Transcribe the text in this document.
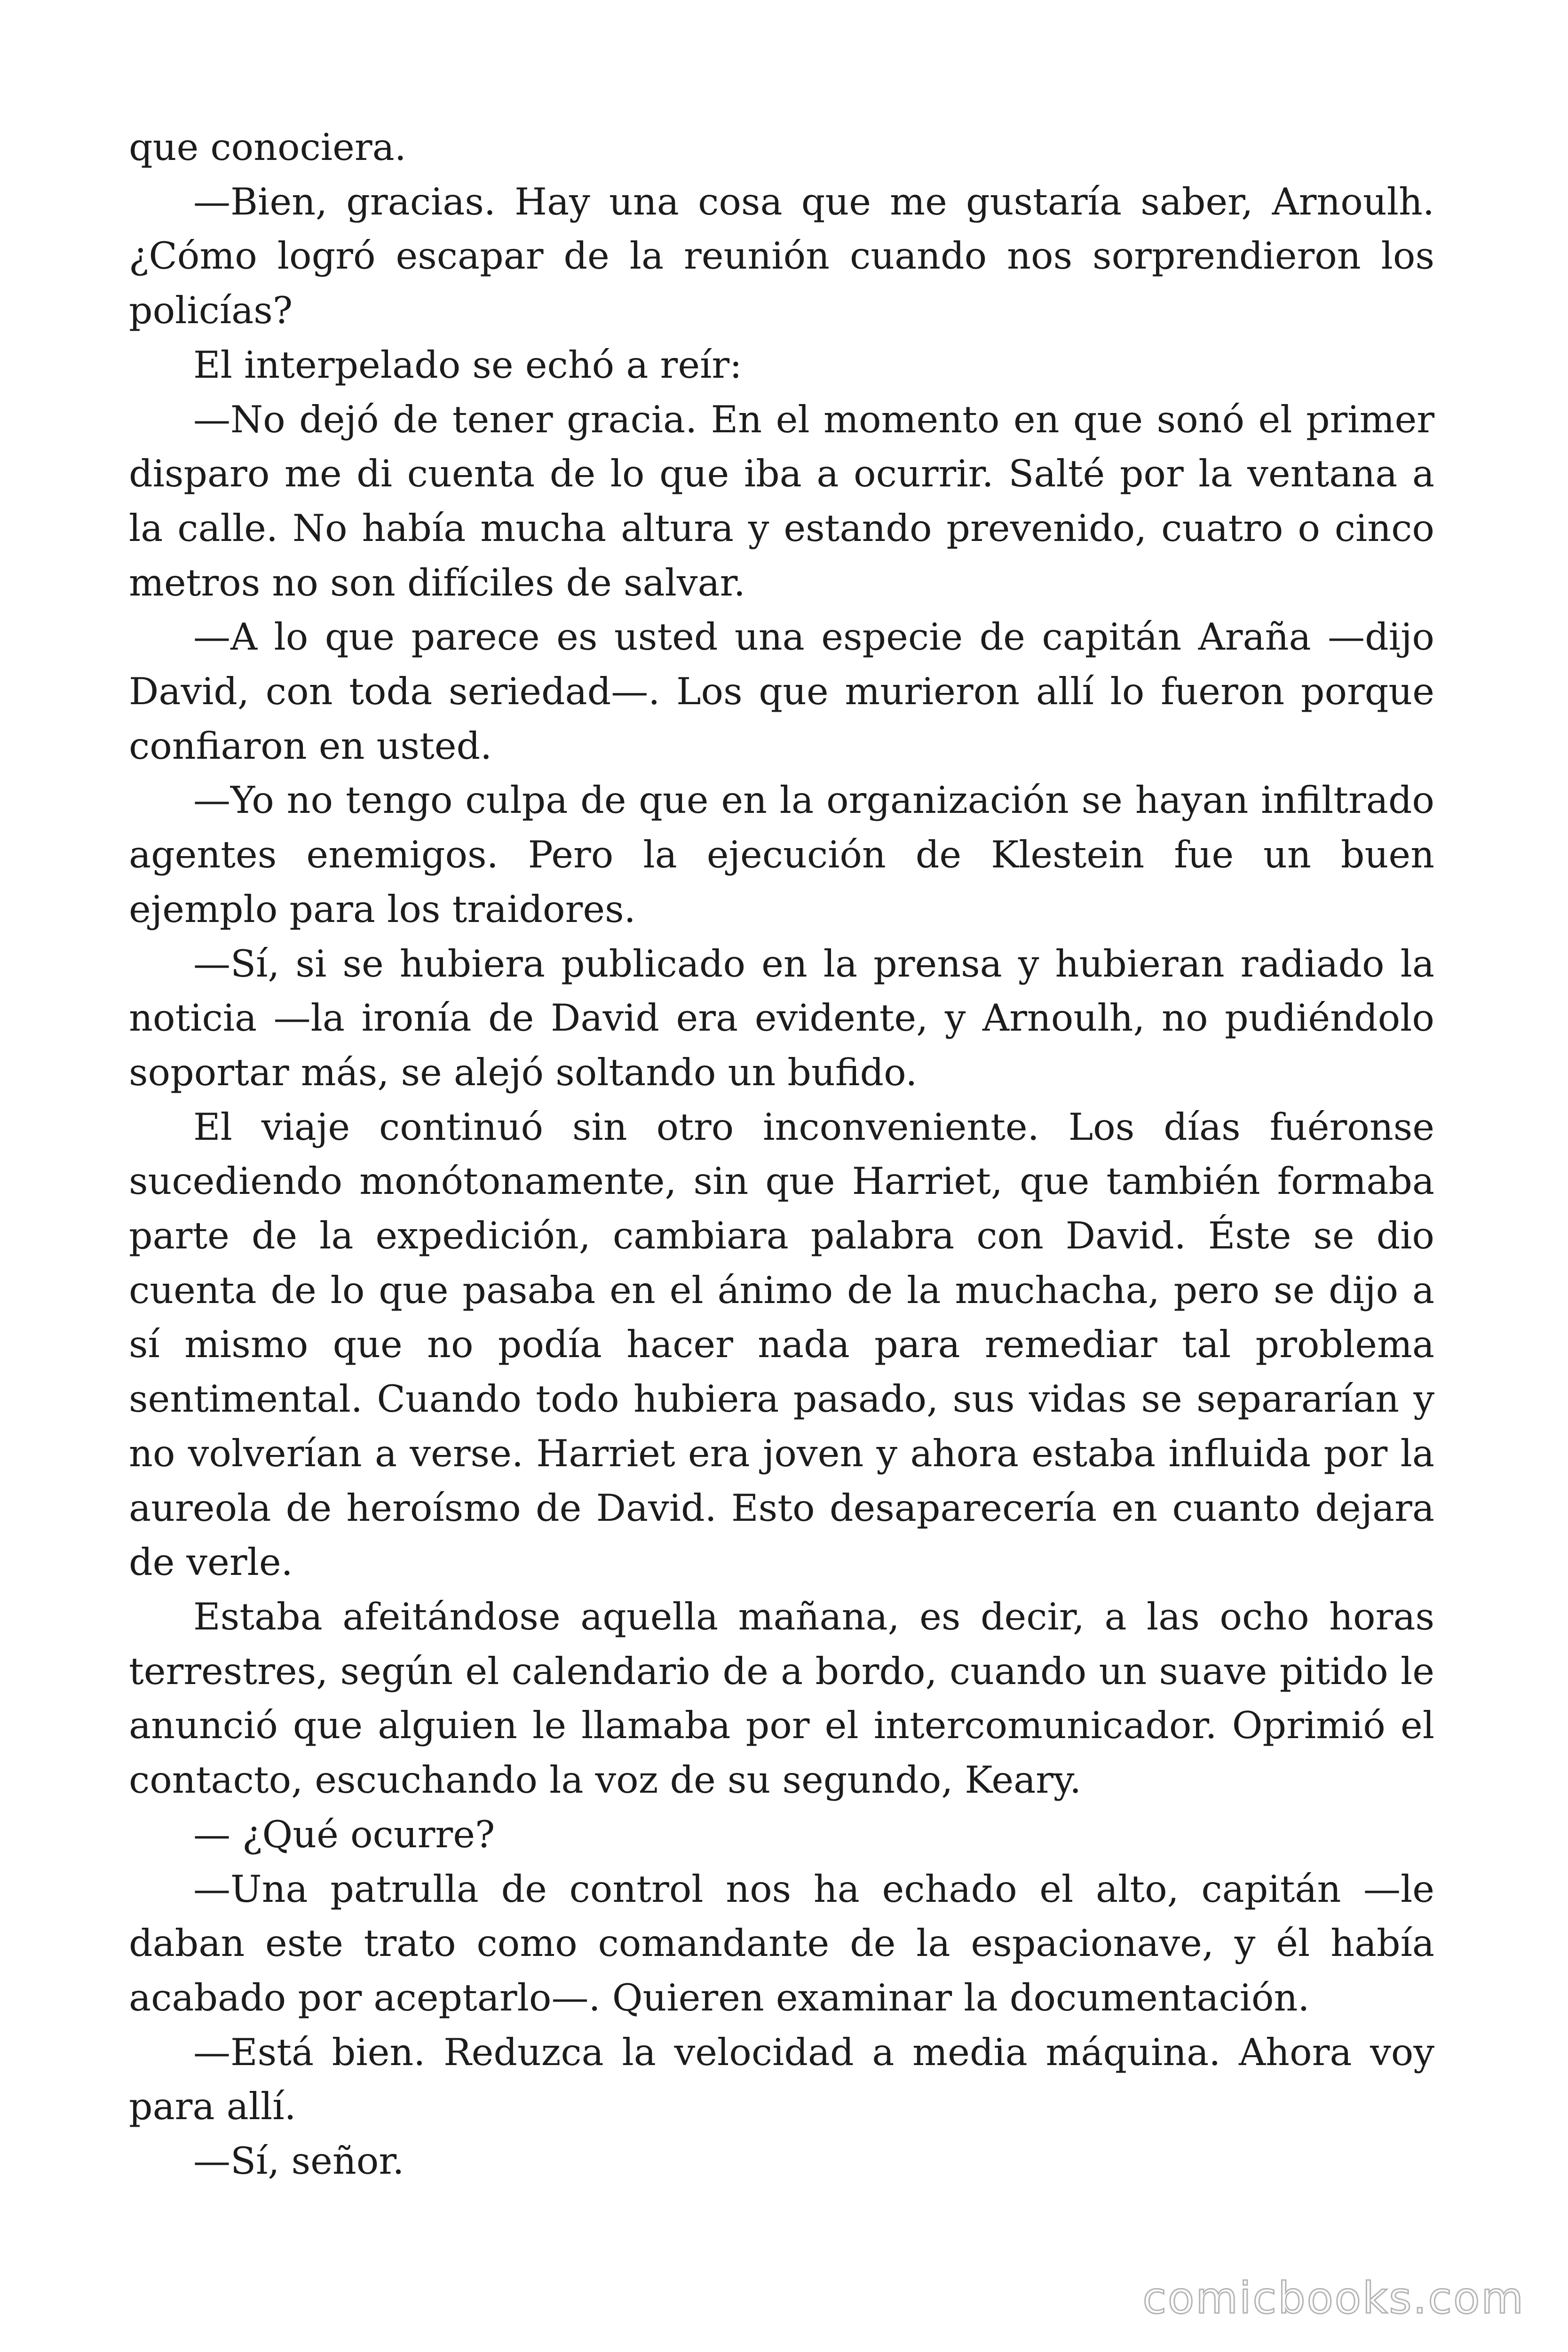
que conociera.

—Bien, gracias. Hay una cosa que me gustaría saber, Arnoulh. ¿Cómo logró escapar de la reunión cuando nos sorprendieron los policías?

El interpelado se echó a reír:

—No dejó de tener gracia. En el momento en que sonó el primer disparo me di cuenta de lo que iba a ocurrir. Salté por la ventana a la calle. No había mucha altura y estando prevenido, cuatro o cinco metros no son difíciles de salvar.

—A lo que parece es usted una especie de capitán Araña —dijo David, con toda seriedad—. Los que murieron allí lo fueron porque confiaron en usted.

—Yo no tengo culpa de que en la organización se hayan infiltrado agentes enemigos. Pero la ejecución de Klestein fue un buen ejemplo para los traidores.

—Sí, si se hubiera publicado en la prensa y hubieran radiado la noticia —la ironía de David era evidente, y Arnoulh, no pudiéndolo soportar más, se alejó soltando un bufido.

El viaje continuó sin otro inconveniente. Los días fuéronse sucediendo monótonamente, sin que Harriet, que también formaba parte de la expedición, cambiara palabra con David. Éste se dio cuenta de lo que pasaba en el ánimo de la muchacha, pero se dijo a sí mismo que no podía hacer nada para remediar tal problema sentimental. Cuando todo hubiera pasado, sus vidas se separarían y no volverían a verse. Harriet era joven y ahora estaba influida por la aureola de heroísmo de David. Esto desaparecería en cuanto dejara de verle.

Estaba afeitándose aquella mañana, es decir, a las ocho horas terrestres, según el calendario de a bordo, cuando un suave pitido le anunció que alguien le llamaba por el intercomunicador. Oprimió el contacto, escuchando la voz de su segundo, Keary.

— ¿Qué ocurre?

—Una patrulla de control nos ha echado el alto, capitán —le daban este trato como comandante de la espacionave, y él había acabado por aceptarlo—. Quieren examinar la documentación.

—Está bien. Reduzca la velocidad a media máquina. Ahora voy para allí.

—Sí, señor.

comicbooks.com
